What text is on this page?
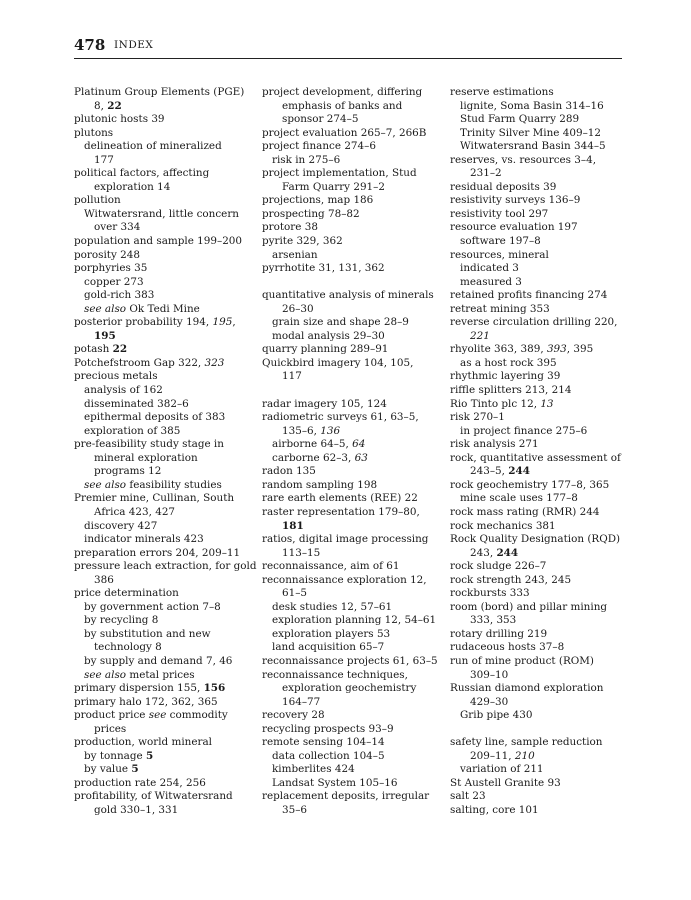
478 INDEX
Platinum Group Elements (PGE)
8, 22
plutonic hosts 39
plutons
delineation of mineralized
177
political factors, affecting
exploration 14
pollution
Witwatersrand, little concern
over 334
population and sample 199–200
porosity 248
porphyries 35
copper 273
gold-rich 383
see also Ok Tedi Mine
posterior probability 194, 195,
195
potash 22
Potchefstroom Gap 322, 323
precious metals
analysis of 162
disseminated 382–6
epithermal deposits of 383
exploration of 385
pre-feasibility study stage in
mineral exploration
programs 12
see also feasibility studies
Premier mine, Cullinan, South
Africa 423, 427
discovery 427
indicator minerals 423
preparation errors 204, 209–11
pressure leach extraction, for gold
386
price determination
by government action 7–8
by recycling 8
by substitution and new
technology 8
by supply and demand 7, 46
see also metal prices
primary dispersion 155, 156
primary halo 172, 362, 365
product price see commodity
prices
production, world mineral
by tonnage 5
by value 5
production rate 254, 256
profitability, of Witwatersrand
gold 330–1, 331
project development, differing
emphasis of banks and
sponsor 274–5
project evaluation 265–7, 266B
project finance 274–6
risk in 275–6
project implementation, Stud
Farm Quarry 291–2
projections, map 186
prospecting 78–82
protore 38
pyrite 329, 362
arsenian
pyrrhotite 31, 131, 362
quantitative analysis of minerals
26–30
grain size and shape 28–9
modal analysis 29–30
quarry planning 289–91
Quickbird imagery 104, 105,
117
radar imagery 105, 124
radiometric surveys 61, 63–5,
135–6, 136
airborne 64–5, 64
carborne 62–3, 63
radon 135
random sampling 198
rare earth elements (REE) 22
raster representation 179–80,
181
ratios, digital image processing
113–15
reconnaissance, aim of 61
reconnaissance exploration 12,
61–5
desk studies 12, 57–61
exploration planning 12, 54–61
exploration players 53
land acquisition 65–7
reconnaissance projects 61, 63–5
reconnaissance techniques,
exploration geochemistry
164–77
recovery 28
recycling prospects 93–9
remote sensing 104–14
data collection 104–5
kimberlites 424
Landsat System 105–16
replacement deposits, irregular
35–6
reserve estimations
lignite, Soma Basin 314–16
Stud Farm Quarry 289
Trinity Silver Mine 409–12
Witwatersrand Basin 344–5
reserves, vs. resources 3–4,
231–2
residual deposits 39
resistivity surveys 136–9
resistivity tool 297
resource evaluation 197
software 197–8
resources, mineral
indicated 3
measured 3
retained profits financing 274
retreat mining 353
reverse circulation drilling 220,
221
rhyolite 363, 389, 393, 395
as a host rock 395
rhythmic layering 39
riffle splitters 213, 214
Rio Tinto plc 12, 13
risk 270–1
in project finance 275–6
risk analysis 271
rock, quantitative assessment of
243–5, 244
rock geochemistry 177–8, 365
mine scale uses 177–8
rock mass rating (RMR) 244
rock mechanics 381
Rock Quality Designation (RQD)
243, 244
rock sludge 226–7
rock strength 243, 245
rockbursts 333
room (bord) and pillar mining
333, 353
rotary drilling 219
rudaceous hosts 37–8
run of mine product (ROM)
309–10
Russian diamond exploration
429–30
Grib pipe 430
safety line, sample reduction
209–11, 210
variation of 211
St Austell Granite 93
salt 23
salting, core 101
